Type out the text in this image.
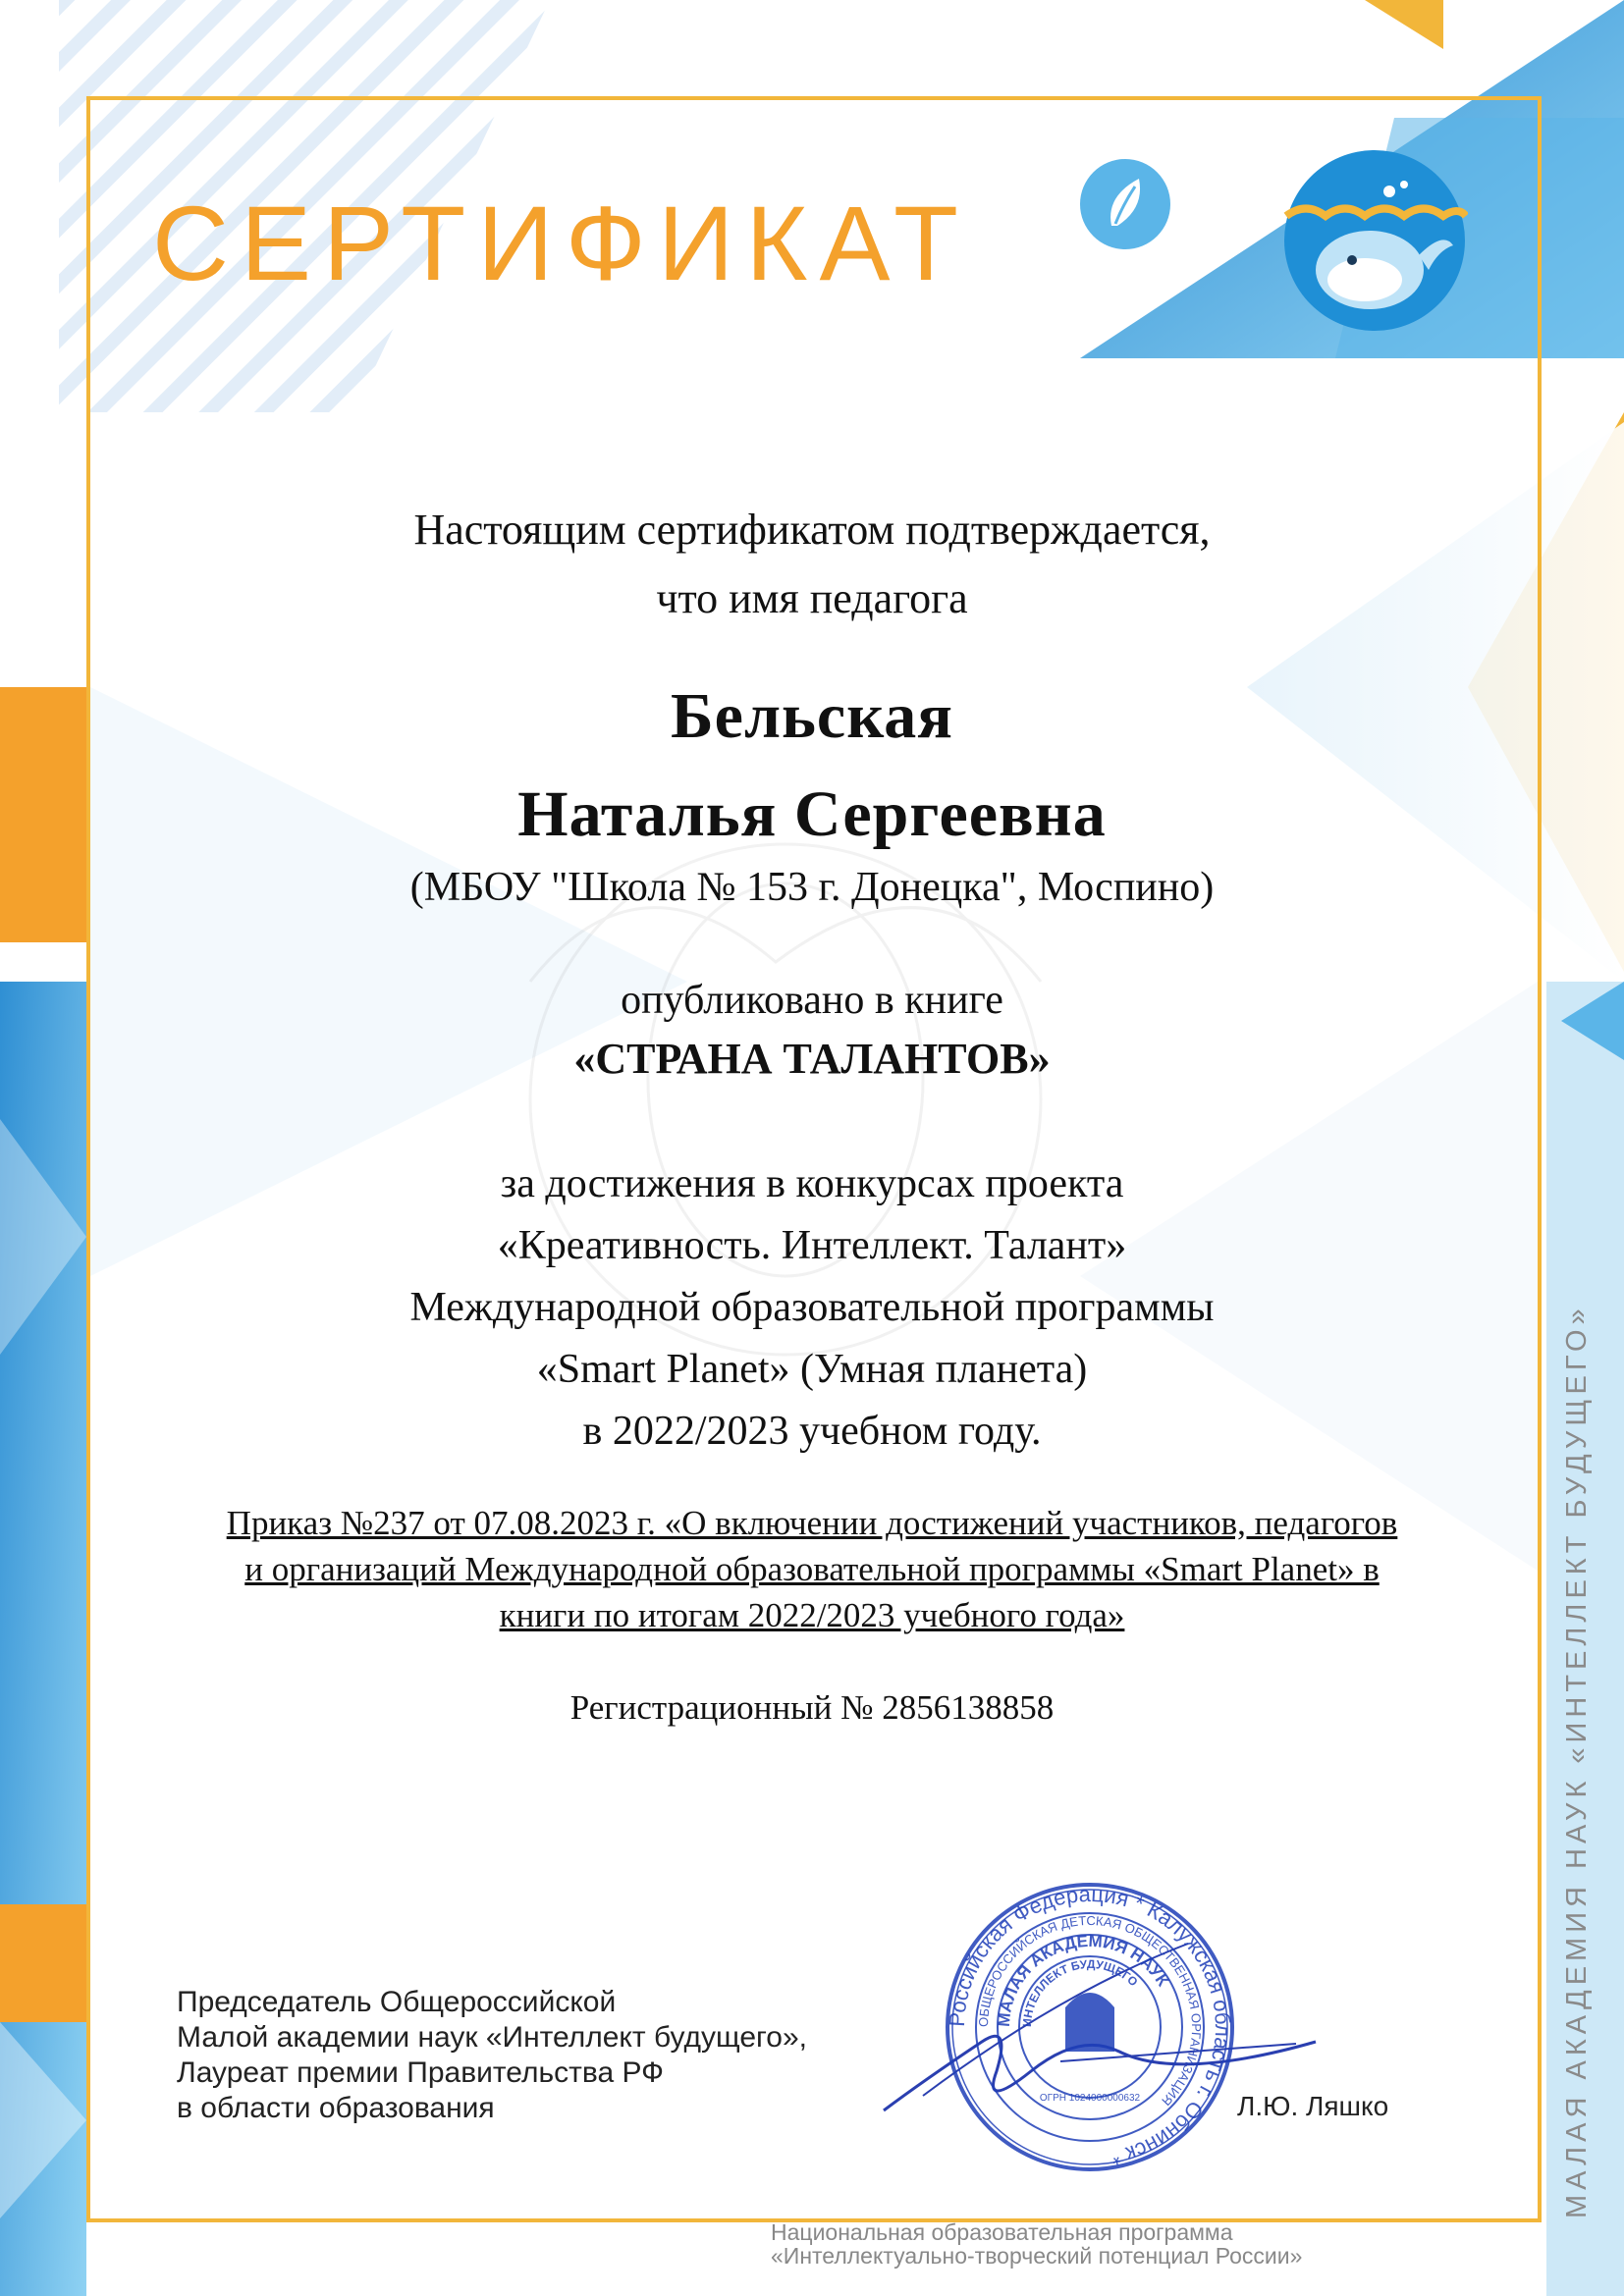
СЕРТИФИКАТ
Настоящим сертификатом подтверждается,
что имя педагога
Бельская
Наталья Сергеевна
(МБОУ "Школа № 153 г. Донецка", Моспино)
опубликовано в книге
«СТРАНА ТАЛАНТОВ»
за достижения в конкурсах проекта
«Креативность. Интеллект. Талант»
Международной образовательной программы
«Smart Planet» (Умная планета)
в 2022/2023 учебном году.
Приказ №237 от 07.08.2023 г. «О включении достижений участников, педагогов
и организаций Международной образовательной программы «Smart Planet» в
книги по итогам 2022/2023 учебного года»
Регистрационный № 2856138858
Председатель Общероссийской
Малой академии наук «Интеллект будущего»,
Лауреат премии Правительства РФ
в области образования
Российская Федерация * Калужская область г. Обнинск *
ОБЩЕРОССИЙСКАЯ ДЕТСКАЯ ОБЩЕСТВЕННАЯ ОРГАНИЗАЦИЯ
МАЛАЯ АКАДЕМИЯ НАУК
ИНТЕЛЛЕКТ БУДУЩЕГО
ОГРН 1024000000632	Л.Ю. Ляшко	МАЛАЯ АКАДЕМИЯ НАУК «ИНТЕЛЛЕКТ БУДУЩЕГО»
Национальная образовательная программа
«Интеллектуально-творческий потенциал России»
